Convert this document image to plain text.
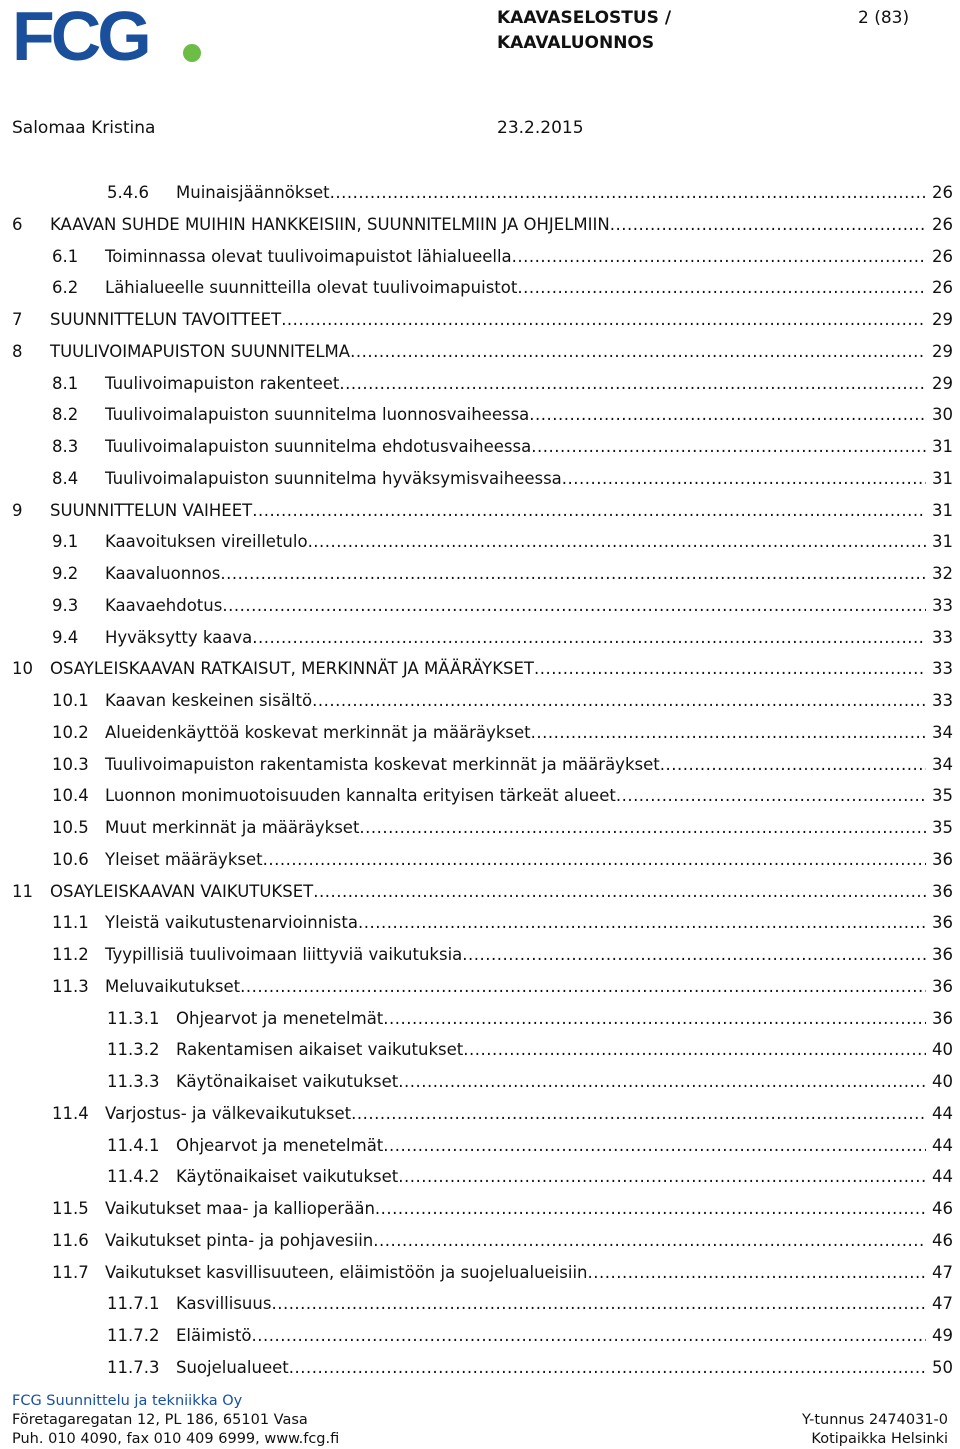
FCG	KAAVASELOSTUS /
KAAVALUONNOS
2 (83)
Salomaa Kristina	23.2.2015
5.4.6 Muinaisjäännökset .....	26
6 KAAVAN SUHDE MUIHIN HANKKEISIIN, SUUNNITELMIIN JA OHJELMIIN .....	26
6.1 Toiminnassa olevat tuulivoimapuistot lähialueella .....	26
6.2 Lähialueelle suunnitteilla olevat tuulivoimapuistot .....	26
7 SUUNNITTELUN TAVOITTEET .....	29
8 TUULIVOIMAPUISTON SUUNNITELMA .....	29
8.1 Tuulivoimapuiston rakenteet .....	29
8.2 Tuulivoimalapuiston suunnitelma luonnosvaiheessa .....	30
8.3 Tuulivoimalapuiston suunnitelma ehdotusvaiheessa .....	31
8.4 Tuulivoimalapuiston suunnitelma hyväksymisvaiheessa .....	31
9 SUUNNITTELUN VAIHEET .....	31
9.1 Kaavoituksen vireilletulo .....	31
9.2 Kaavaluonnos .....	32
9.3 Kaavaehdotus .....	33
9.4 Hyväksytty kaava .....	33
10 OSAYLEISKAAVAN RATKAISUT, MERKINNÄT JA MÄÄRÄYKSET .....	33
10.1 Kaavan keskeinen sisältö .....	33
10.2 Alueidenkäyttöä koskevat merkinnät ja määräykset .....	34
10.3 Tuulivoimapuiston rakentamista koskevat merkinnät ja määräykset .....	34
10.4 Luonnon monimuotoisuuden kannalta erityisen tärkeät alueet .....	35
10.5 Muut merkinnät ja määräykset .....	35
10.6 Yleiset määräykset .....	36
11 OSAYLEISKAAVAN VAIKUTUKSET .....	36
11.1 Yleistä vaikutustenarvioinnista .....	36
11.2 Tyypillisiä tuulivoimaan liittyviä vaikutuksia .....	36
11.3 Meluvaikutukset .....	36
11.3.1 Ohjearvot ja menetelmät .....	36
11.3.2 Rakentamisen aikaiset vaikutukset .....	40
11.3.3 Käytönaikaiset vaikutukset .....	40
11.4 Varjostus- ja välkevaikutukset .....	44
11.4.1 Ohjearvot ja menetelmät .....	44
11.4.2 Käytönaikaiset vaikutukset .....	44
11.5 Vaikutukset maa- ja kallioperään .....	46
11.6 Vaikutukset pinta- ja pohjavesiin .....	46
11.7 Vaikutukset kasvillisuuteen, eläimistöön ja suojelualueisiin .....	47
11.7.1 Kasvillisuus .....	47
11.7.2 Eläimistö .....	49
11.7.3 Suojelualueet .....	50
FCG Suunnittelu ja tekniikka Oy
Företagaregatan 12, PL 186, 65101 Vasa	Y-tunnus 2474031-0
Puh. 010 4090, fax 010 409 6999, www.fcg.fi	Kotipaikka Helsinki
